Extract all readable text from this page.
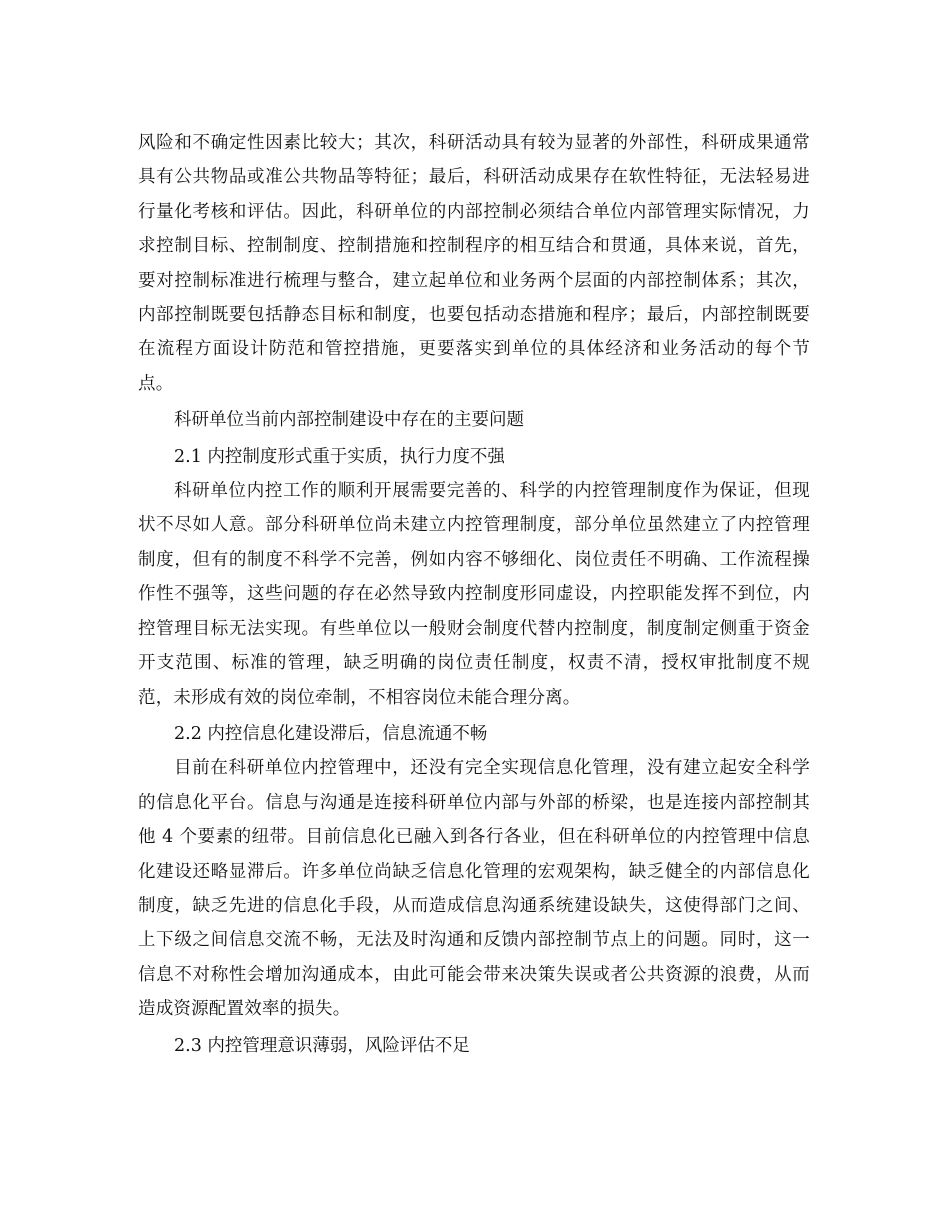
风险和不确定性因素比较大；其次，科研活动具有较为显著的外部性，科研成果通常具有公共物品或准公共物品等特征；最后，科研活动成果存在软性特征，无法轻易进行量化考核和评估。因此，科研单位的内部控制必须结合单位内部管理实际情况，力求控制目标、控制制度、控制措施和控制程序的相互结合和贯通，具体来说，首先，要对控制标准进行梳理与整合，建立起单位和业务两个层面的内部控制体系；其次，内部控制既要包括静态目标和制度，也要包括动态措施和程序；最后，内部控制既要在流程方面设计防范和管控措施，更要落实到单位的具体经济和业务活动的每个节点。

科研单位当前内部控制建设中存在的主要问题

2.1 内控制度形式重于实质，执行力度不强

科研单位内控工作的顺利开展需要完善的、科学的内控管理制度作为保证，但现状不尽如人意。部分科研单位尚未建立内控管理制度，部分单位虽然建立了内控管理制度，但有的制度不科学不完善，例如内容不够细化、岗位责任不明确、工作流程操作性不强等，这些问题的存在必然导致内控制度形同虚设，内控职能发挥不到位，内控管理目标无法实现。有些单位以一般财会制度代替内控制度，制度制定侧重于资金开支范围、标准的管理，缺乏明确的岗位责任制度，权责不清，授权审批制度不规范，未形成有效的岗位牵制，不相容岗位未能合理分离。

2.2 内控信息化建设滞后，信息流通不畅

目前在科研单位内控管理中，还没有完全实现信息化管理，没有建立起安全科学的信息化平台。信息与沟通是连接科研单位内部与外部的桥梁，也是连接内部控制其他 4 个要素的纽带。目前信息化已融入到各行各业，但在科研单位的内控管理中信息化建设还略显滞后。许多单位尚缺乏信息化管理的宏观架构，缺乏健全的内部信息化制度，缺乏先进的信息化手段，从而造成信息沟通系统建设缺失，这使得部门之间、上下级之间信息交流不畅，无法及时沟通和反馈内部控制节点上的问题。同时，这一信息不对称性会增加沟通成本，由此可能会带来决策失误或者公共资源的浪费，从而造成资源配置效率的损失。

2.3 内控管理意识薄弱，风险评估不足
